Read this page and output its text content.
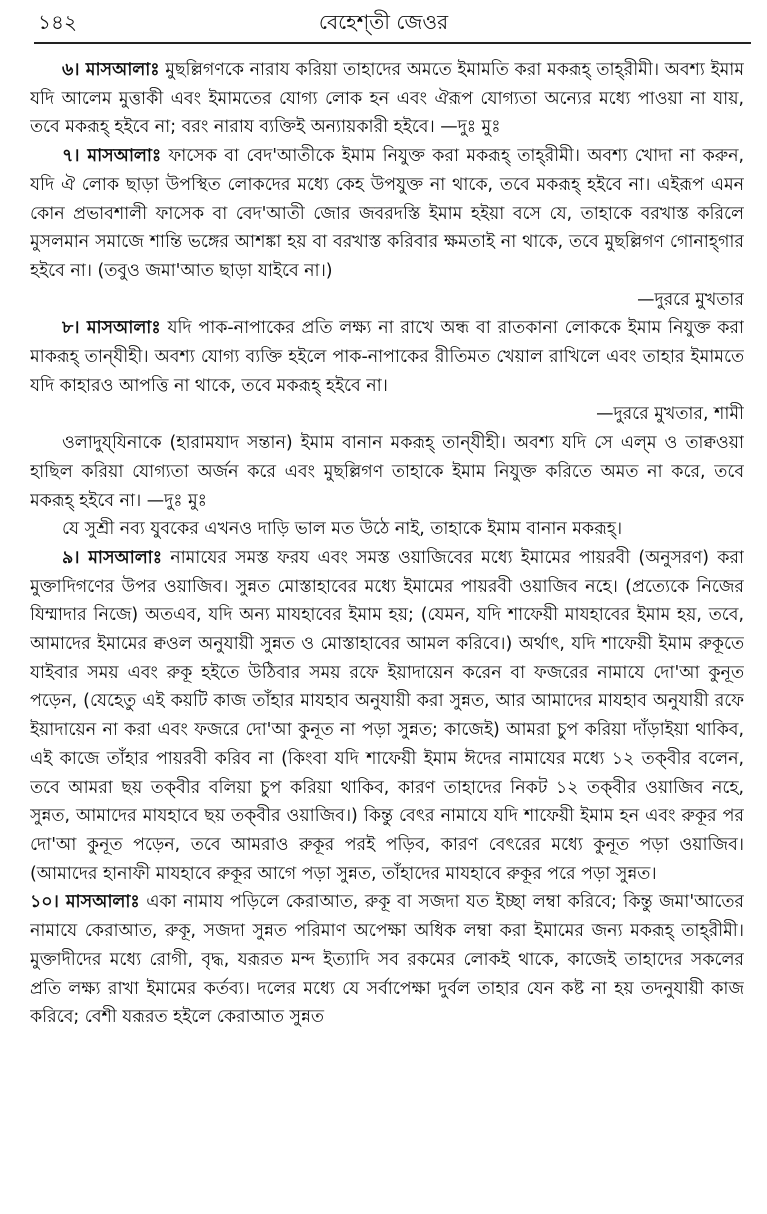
১৪২	বেহেশ্‌তী জেওর

৬। মাসআলাঃ মুছল্লিগণকে নারায করিয়া তাহাদের অমতে ইমামতি করা মকরূহ্‌ তাহ্‌রীমী। অবশ্য ইমাম যদি আলেম মুত্তাকী এবং ইমামতের যোগ্য লোক হন এবং ঐরূপ যোগ্যতা অন্যের মধ্যে পাওয়া না যায়, তবে মকরূহ্‌ হইবে না; বরং নারায ব্যক্তিই অন্যায়কারী হইবে। —দুঃ মুঃ

৭। মাসআলাঃ ফাসেক বা বেদ'আতীকে ইমাম নিযুক্ত করা মকরূহ্‌ তাহ্‌রীমী। অবশ্য খোদা না করুন, যদি ঐ লোক ছাড়া উপস্থিত লোকদের মধ্যে কেহ উপযুক্ত না থাকে, তবে মকরূহ্‌ হইবে না। এইরূপ এমন কোন প্রভাবশালী ফাসেক বা বেদ'আতী জোর জবরদস্তি ইমাম হইয়া বসে যে, তাহাকে বরখাস্ত করিলে মুসলমান সমাজে শান্তি ভঙ্গের আশঙ্কা হয় বা বরখাস্ত করিবার ক্ষমতাই না থাকে, তবে মুছল্লিগণ গোনাহ্‌গার হইবে না। (তবুও জমা'আত ছাড়া যাইবে না।)

—দুররে মুখতার

৮। মাসআলাঃ যদি পাক-নাপাকের প্রতি লক্ষ্য না রাখে অন্ধ বা রাতকানা লোককে ইমাম নিযুক্ত করা মাকরূহ্‌ তান্‌যীহী। অবশ্য যোগ্য ব্যক্তি হইলে পাক-নাপাকের রীতিমত খেয়াল রাখিলে এবং তাহার ইমামতে যদি কাহারও আপত্তি না থাকে, তবে মকরূহ্‌ হইবে না।

—দুররে মুখতার, শামী

ওলাদুয্‌যিনাকে (হারামযাদ সন্তান) ইমাম বানান মকরূহ্‌ তান্‌যীহী। অবশ্য যদি সে এল্‌ম ও তাক্বওয়া হাছিল করিয়া যোগ্যতা অর্জন করে এবং মুছল্লিগণ তাহাকে ইমাম নিযুক্ত করিতে অমত না করে, তবে মকরূহ্‌ হইবে না। —দুঃ মুঃ

যে সুশ্রী নব্য যুবকের এখনও দাড়ি ভাল মত উঠে নাই, তাহাকে ইমাম বানান মকরূহ্‌।

৯। মাসআলাঃ নামাযের সমস্ত ফরয এবং সমস্ত ওয়াজিবের মধ্যে ইমামের পায়রবী (অনুসরণ) করা মুক্তাদিগণের উপর ওয়াজিব। সুন্নত মোস্তাহাবের মধ্যে ইমামের পায়রবী ওয়াজিব নহে। (প্রত্যেকে নিজের যিম্মাদার নিজে) অতএব, যদি অন্য মাযহাবের ইমাম হয়; (যেমন, যদি শাফেয়ী মাযহাবের ইমাম হয়, তবে, আমাদের ইমামের ক্বওল অনুযায়ী সুন্নত ও মোস্তাহাবের আমল করিবে।) অর্থাৎ, যদি শাফেয়ী ইমাম রুকূতে যাইবার সময় এবং রুকূ হইতে উঠিবার সময় রফে ইয়াদায়েন করেন বা ফজরের নামাযে দো'আ কুনূত পড়েন, (যেহেতু এই কয়টি কাজ তাঁহার মাযহাব অনুযায়ী করা সুন্নত, আর আমাদের মাযহাব অনুযায়ী রফে ইয়াদায়েন না করা এবং ফজরে দো'আ কুনূত না পড়া সুন্নত; কাজেই) আমরা চুপ করিয়া দাঁড়াইয়া থাকিব, এই কাজে তাঁহার পায়রবী করিব না (কিংবা যদি শাফেয়ী ইমাম ঈদের নামাযের মধ্যে ১২ তক্‌বীর বলেন, তবে আমরা ছয় তক্‌বীর বলিয়া চুপ করিয়া থাকিব, কারণ তাহাদের নিকট ১২ তক্‌বীর ওয়াজিব নহে, সুন্নত, আমাদের মাযহাবে ছয় তক্‌বীর ওয়াজিব।) কিন্তু বেৎর নামাযে যদি শাফেয়ী ইমাম হন এবং রুকূর পর দো'আ কুনূত পড়েন, তবে আমরাও রুকূর পরই পড়িব, কারণ বেৎরের মধ্যে কুনূত পড়া ওয়াজিব। (আমাদের হানাফী মাযহাবে রুকূর আগে পড়া সুন্নত, তাঁহাদের মাযহাবে রুকূর পরে পড়া সুন্নত।

১০। মাসআলাঃ একা নামায পড়িলে কেরাআত, রুকূ বা সজদা যত ইচ্ছা লম্বা করিবে; কিন্তু জমা'আতের নামাযে কেরাআত, রুকূ, সজদা সুন্নত পরিমাণ অপেক্ষা অধিক লম্বা করা ইমামের জন্য মকরূহ্‌ তাহ্‌রীমী। মুক্তাদীদের মধ্যে রোগী, বৃদ্ধ, যরূরত মন্দ ইত্যাদি সব রকমের লোকই থাকে, কাজেই তাহাদের সকলের প্রতি লক্ষ্য রাখা ইমামের কর্তব্য। দলের মধ্যে যে সর্বাপেক্ষা দুর্বল তাহার যেন কষ্ট না হয় তদনুযায়ী কাজ করিবে; বেশী যরূরত হইলে কেরাআত সুন্নত
